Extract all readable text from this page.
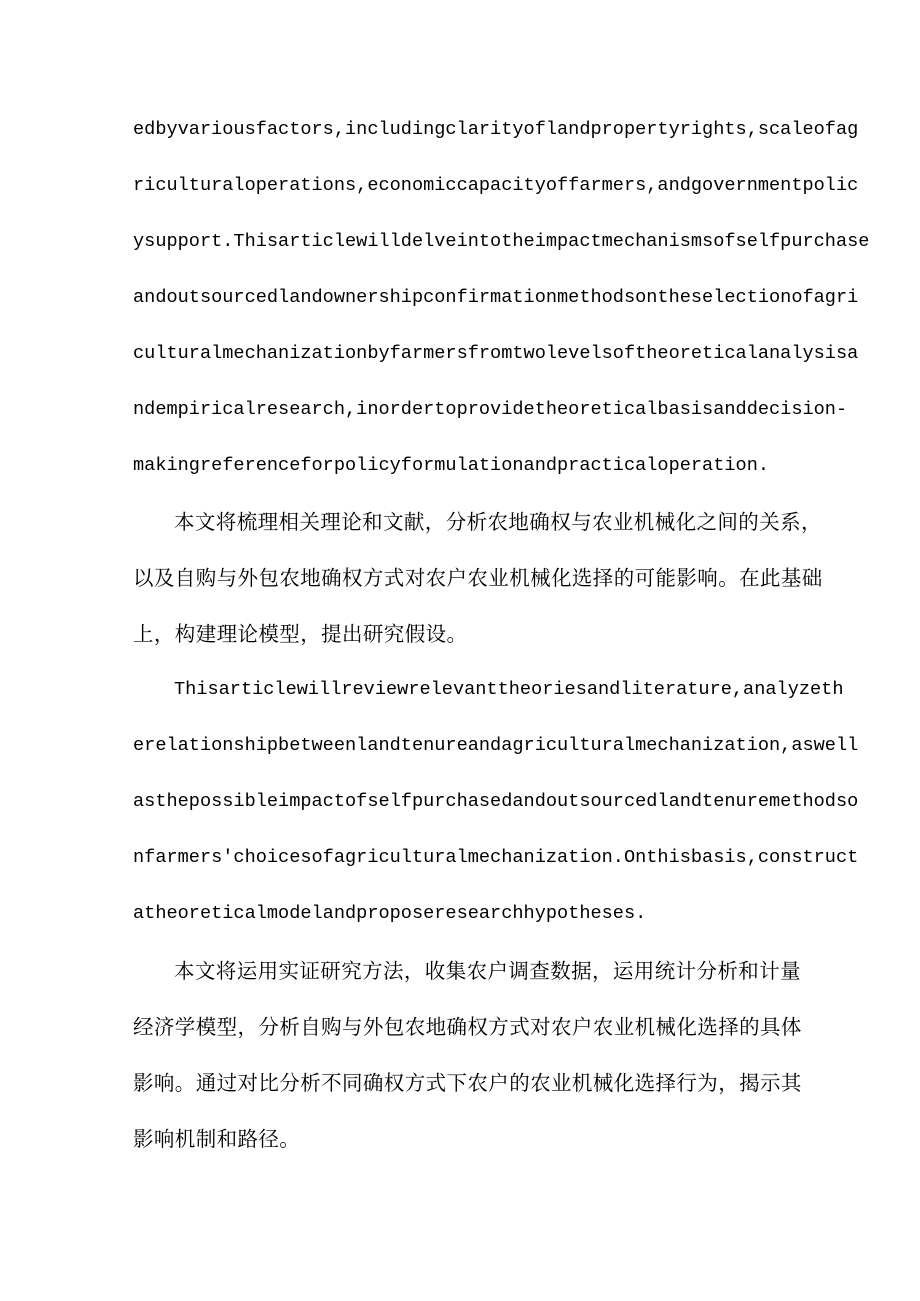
edbyvariousfactors,includingclarityoflandpropertyrights,scaleofag
riculturaloperations,economiccapacityoffarmers,andgovernmentpolic
ysupport.Thisarticlewilldelveintotheimpactmechanismsofselfpurchase
andoutsourcedlandownershipconfirmationmethodsontheselectionofagri
culturalmechanizationbyfarmersfromtwolevelsoftheoreticalanalysisa
ndempiricalresearch,inordertoprovidetheoreticalbasisanddecision-
makingreferenceforpolicyformulationandpracticaloperation.
本文将梳理相关理论和文献，分析农地确权与农业机械化之间的关系，
以及自购与外包农地确权方式对农户农业机械化选择的可能影响。在此基础
上，构建理论模型，提出研究假设。
Thisarticlewillreviewrelevanttheoriesandliterature,analyzeth
erelationshipbetweenlandtenureandagriculturalmechanization,aswell
asthepossibleimpactofselfpurchasedandoutsourcedlandtenuremethodso
nfarmers'choicesofagriculturalmechanization.Onthisbasis,construct
atheoreticalmodelandproposeresearchhypotheses.
本文将运用实证研究方法，收集农户调查数据，运用统计分析和计量
经济学模型，分析自购与外包农地确权方式对农户农业机械化选择的具体
影响。通过对比分析不同确权方式下农户的农业机械化选择行为，揭示其
影响机制和路径。
